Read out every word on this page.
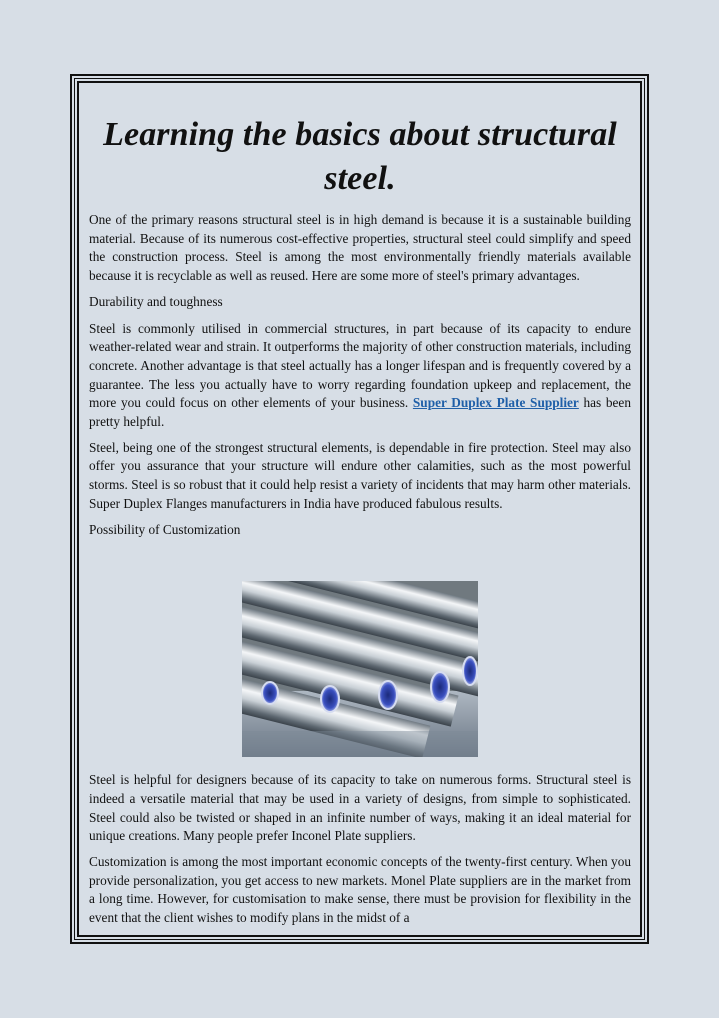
Learning the basics about structural steel.

One of the primary reasons structural steel is in high demand is because it is a sustainable building material. Because of its numerous cost-effective properties, structural steel could simplify and speed the construction process. Steel is among the most environmentally friendly materials available because it is recyclable as well as reused. Here are some more of steel's primary advantages.

Durability and toughness

Steel is commonly utilised in commercial structures, in part because of its capacity to endure weather-related wear and strain. It outperforms the majority of other construction materials, including concrete. Another advantage is that steel actually has a longer lifespan and is frequently covered by a guarantee. The less you actually have to worry regarding foundation upkeep and replacement, the more you could focus on other elements of your business. Super Duplex Plate Supplier has been pretty helpful.

Steel, being one of the strongest structural elements, is dependable in fire protection. Steel may also offer you assurance that your structure will endure other calamities, such as the most powerful storms. Steel is so robust that it could help resist a variety of incidents that may harm other materials. Super Duplex Flanges manufacturers in India have produced fabulous results.

Possibility of Customization

Steel is helpful for designers because of its capacity to take on numerous forms. Structural steel is indeed a versatile material that may be used in a variety of designs, from simple to sophisticated. Steel could also be twisted or shaped in an infinite number of ways, making it an ideal material for unique creations. Many people prefer Inconel Plate suppliers.

Customization is among the most important economic concepts of the twenty-first century. When you provide personalization, you get access to new markets. Monel Plate suppliers are in the market from a long time. However, for customisation to make sense, there must be provision for flexibility in the event that the client wishes to modify plans in the midst of a
